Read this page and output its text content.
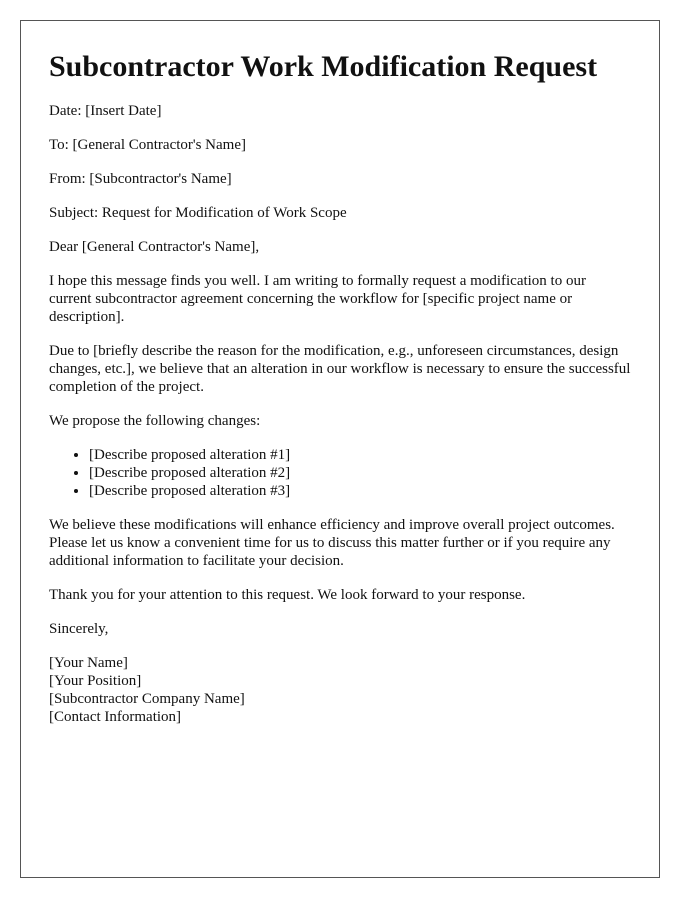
Subcontractor Work Modification Request

Date: [Insert Date]

To: [General Contractor's Name]

From: [Subcontractor's Name]

Subject: Request for Modification of Work Scope

Dear [General Contractor's Name],

I hope this message finds you well. I am writing to formally request a modification to our current subcontractor agreement concerning the workflow for [specific project name or description].

Due to [briefly describe the reason for the modification, e.g., unforeseen circumstances, design changes, etc.], we believe that an alteration in our workflow is necessary to ensure the successful completion of the project.

We propose the following changes:

• [Describe proposed alteration #1]
• [Describe proposed alteration #2]
• [Describe proposed alteration #3]

We believe these modifications will enhance efficiency and improve overall project outcomes. Please let us know a convenient time for us to discuss this matter further or if you require any additional information to facilitate your decision.

Thank you for your attention to this request. We look forward to your response.

Sincerely,

[Your Name]
[Your Position]
[Subcontractor Company Name]
[Contact Information]
